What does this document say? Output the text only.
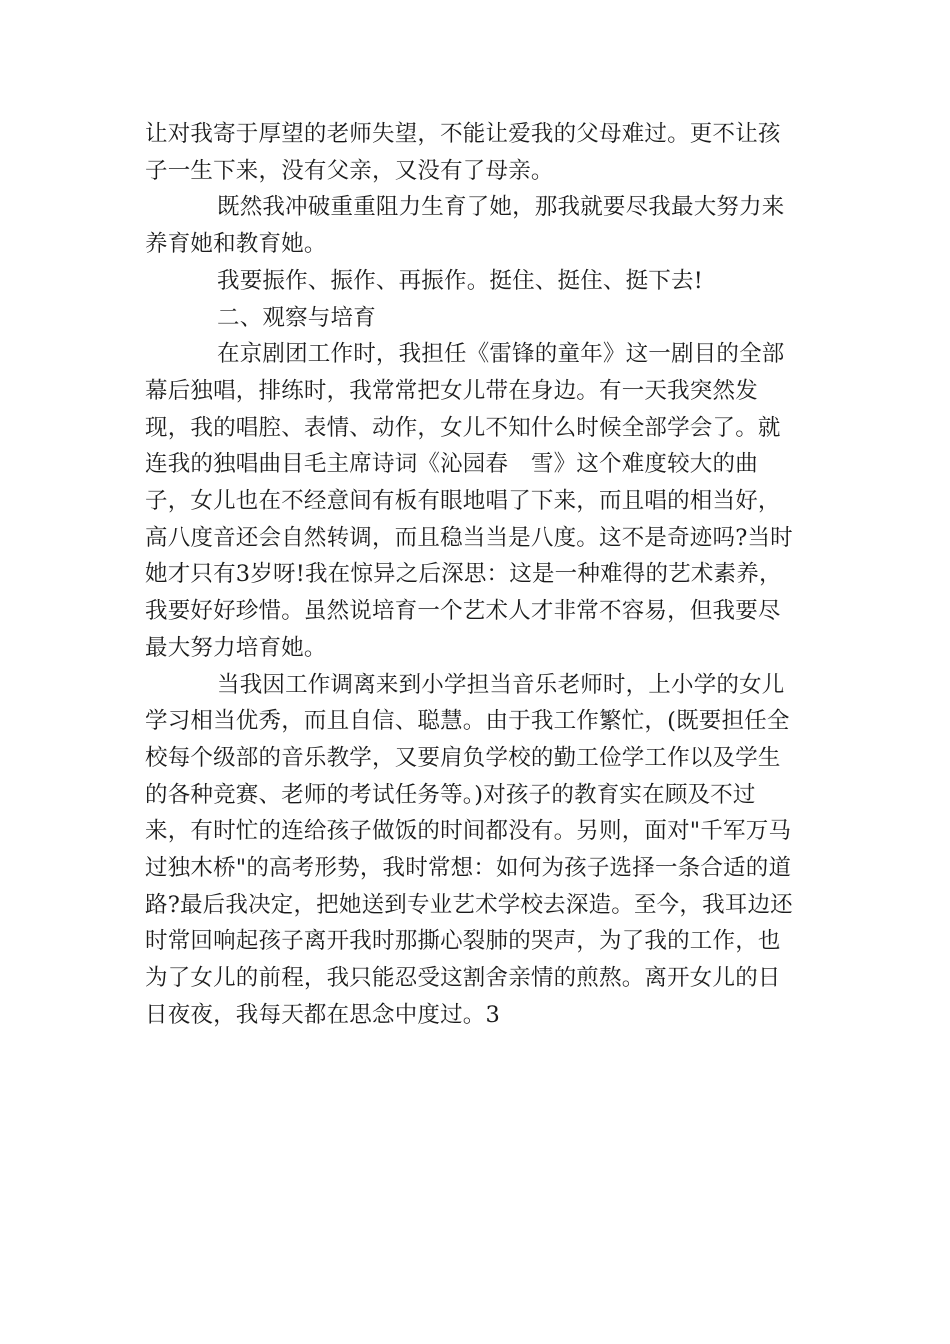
让对我寄于厚望的老师失望，不能让爱我的父母难过。更不让孩子一生下来，没有父亲，又没有了母亲。

既然我冲破重重阻力生育了她，那我就要尽我最大努力来养育她和教育她。

我要振作、振作、再振作。挺住、挺住、挺下去!

二、观察与培育

在京剧团工作时，我担任《雷锋的童年》这一剧目的全部幕后独唱，排练时，我常常把女儿带在身边。有一天我突然发现，我的唱腔、表情、动作，女儿不知什么时候全部学会了。就连我的独唱曲目毛主席诗词《沁园春　雪》这个难度较大的曲子，女儿也在不经意间有板有眼地唱了下来，而且唱的相当好，高八度音还会自然转调，而且稳当当是八度。这不是奇迹吗?当时她才只有3岁呀!我在惊异之后深思：这是一种难得的艺术素养，我要好好珍惜。虽然说培育一个艺术人才非常不容易，但我要尽最大努力培育她。

当我因工作调离来到小学担当音乐老师时，上小学的女儿学习相当优秀，而且自信、聪慧。由于我工作繁忙，(既要担任全校每个级部的音乐教学，又要肩负学校的勤工俭学工作以及学生的各种竞赛、老师的考试任务等。)对孩子的教育实在顾及不过来，有时忙的连给孩子做饭的时间都没有。另则，面对"千军万马过独木桥"的高考形势，我时常想：如何为孩子选择一条合适的道路?最后我决定，把她送到专业艺术学校去深造。至今，我耳边还时常回响起孩子离开我时那撕心裂肺的哭声，为了我的工作，也为了女儿的前程，我只能忍受这割舍亲情的煎熬。离开女儿的日日夜夜，我每天都在思念中度过。3
